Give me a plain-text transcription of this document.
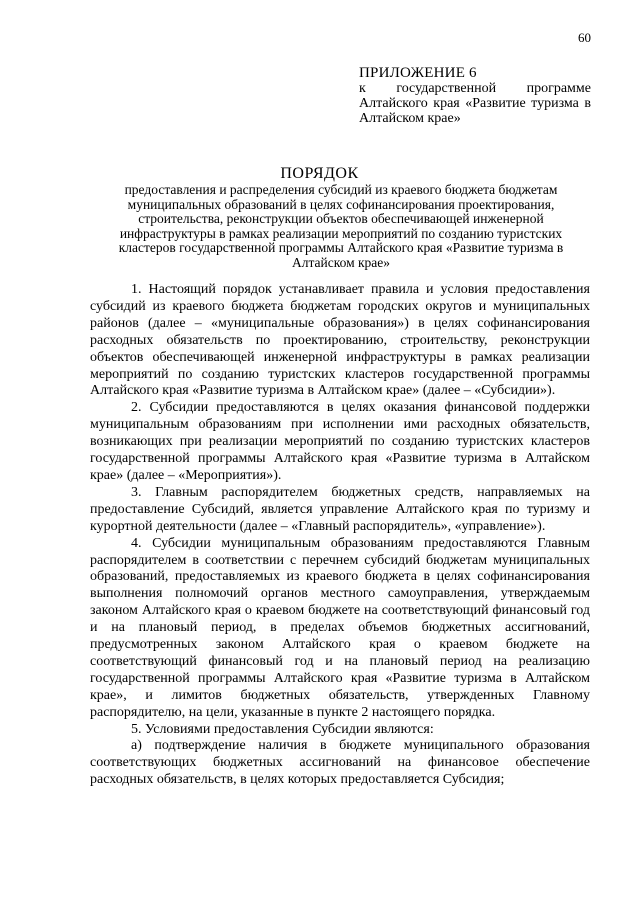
60
ПРИЛОЖЕНИЕ 6
к государственной программе Алтайского края «Развитие туризма в Алтайском крае»
ПОРЯДОК
предоставления и распределения субсидий из краевого бюджета бюджетам муниципальных образований в целях софинансирования проектирования, строительства, реконструкции объектов обеспечивающей инженерной инфраструктуры в рамках реализации мероприятий по созданию туристских кластеров государственной программы Алтайского края «Развитие туризма в Алтайском крае»

1. Настоящий порядок устанавливает правила и условия предоставления субсидий из краевого бюджета бюджетам городских округов и муниципальных районов (далее – «муниципальные образования») в целях софинансирования расходных обязательств по проектированию, строительству, реконструкции объектов обеспечивающей инженерной инфраструктуры в рамках реализации мероприятий по созданию туристских кластеров государственной программы Алтайского края «Развитие туризма в Алтайском крае» (далее – «Субсидии»).

2. Субсидии предоставляются в целях оказания финансовой поддержки муниципальным образованиям при исполнении ими расходных обязательств, возникающих при реализации мероприятий по созданию туристских кластеров государственной программы Алтайского края «Развитие туризма в Алтайском крае» (далее – «Мероприятия»).

3. Главным распорядителем бюджетных средств, направляемых на предоставление Субсидий, является управление Алтайского края по туризму и курортной деятельности (далее – «Главный распорядитель», «управление»).

4. Субсидии муниципальным образованиям предоставляются Главным распорядителем в соответствии с перечнем субсидий бюджетам муниципальных образований, предоставляемых из краевого бюджета в целях софинансирования выполнения полномочий органов местного самоуправления, утверждаемым законом Алтайского края о краевом бюджете на соответствующий финансовый год и на плановый период, в пределах объемов бюджетных ассигнований, предусмотренных законом Алтайского края о краевом бюджете на соответствующий финансовый год и на плановый период на реализацию государственной программы Алтайского края «Развитие туризма в Алтайском крае», и лимитов бюджетных обязательств, утвержденных Главному распорядителю, на цели, указанные в пункте 2 настоящего порядка.

5. Условиями предоставления Субсидии являются:

а) подтверждение наличия в бюджете муниципального образования соответствующих бюджетных ассигнований на финансовое обеспечение расходных обязательств, в целях которых предоставляется Субсидия;
